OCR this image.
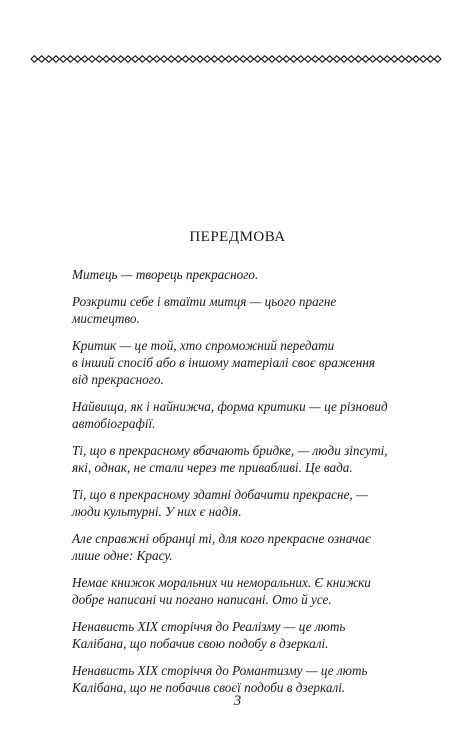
ПЕРЕДМОВА

Митець — творець прекрасного.

Розкрити себе і втаїти митця — цього прагне
мистецтво.

Критик — це той, хто спроможний передати
в інший спосіб або в іншому матеріалі своє враження
від прекрасного.

Найвища, як і найнижча, форма критики — це різновид
автобіографії.

Ті, що в прекрасному вбачають бридке, — люди зіпсуті,
які, однак, не стали через те привабливі. Це вада.

Ті, що в прекрасному здатні добачити прекрасне, —
люди культурні. У них є надія.

Але справжні обранці ті, для кого прекрасне означає
лише одне: Красу.

Немає книжок моральних чи неморальних. Є книжки
добре написані чи погано написані. Ото й усе.

Ненависть XIX сторіччя до Реалізму — це лють
Калібана, що побачив свою подобу в дзеркалі.

Ненависть XIX сторіччя до Романтизму — це лють
Калібана, що не побачив своєї подоби в дзеркалі.

3
